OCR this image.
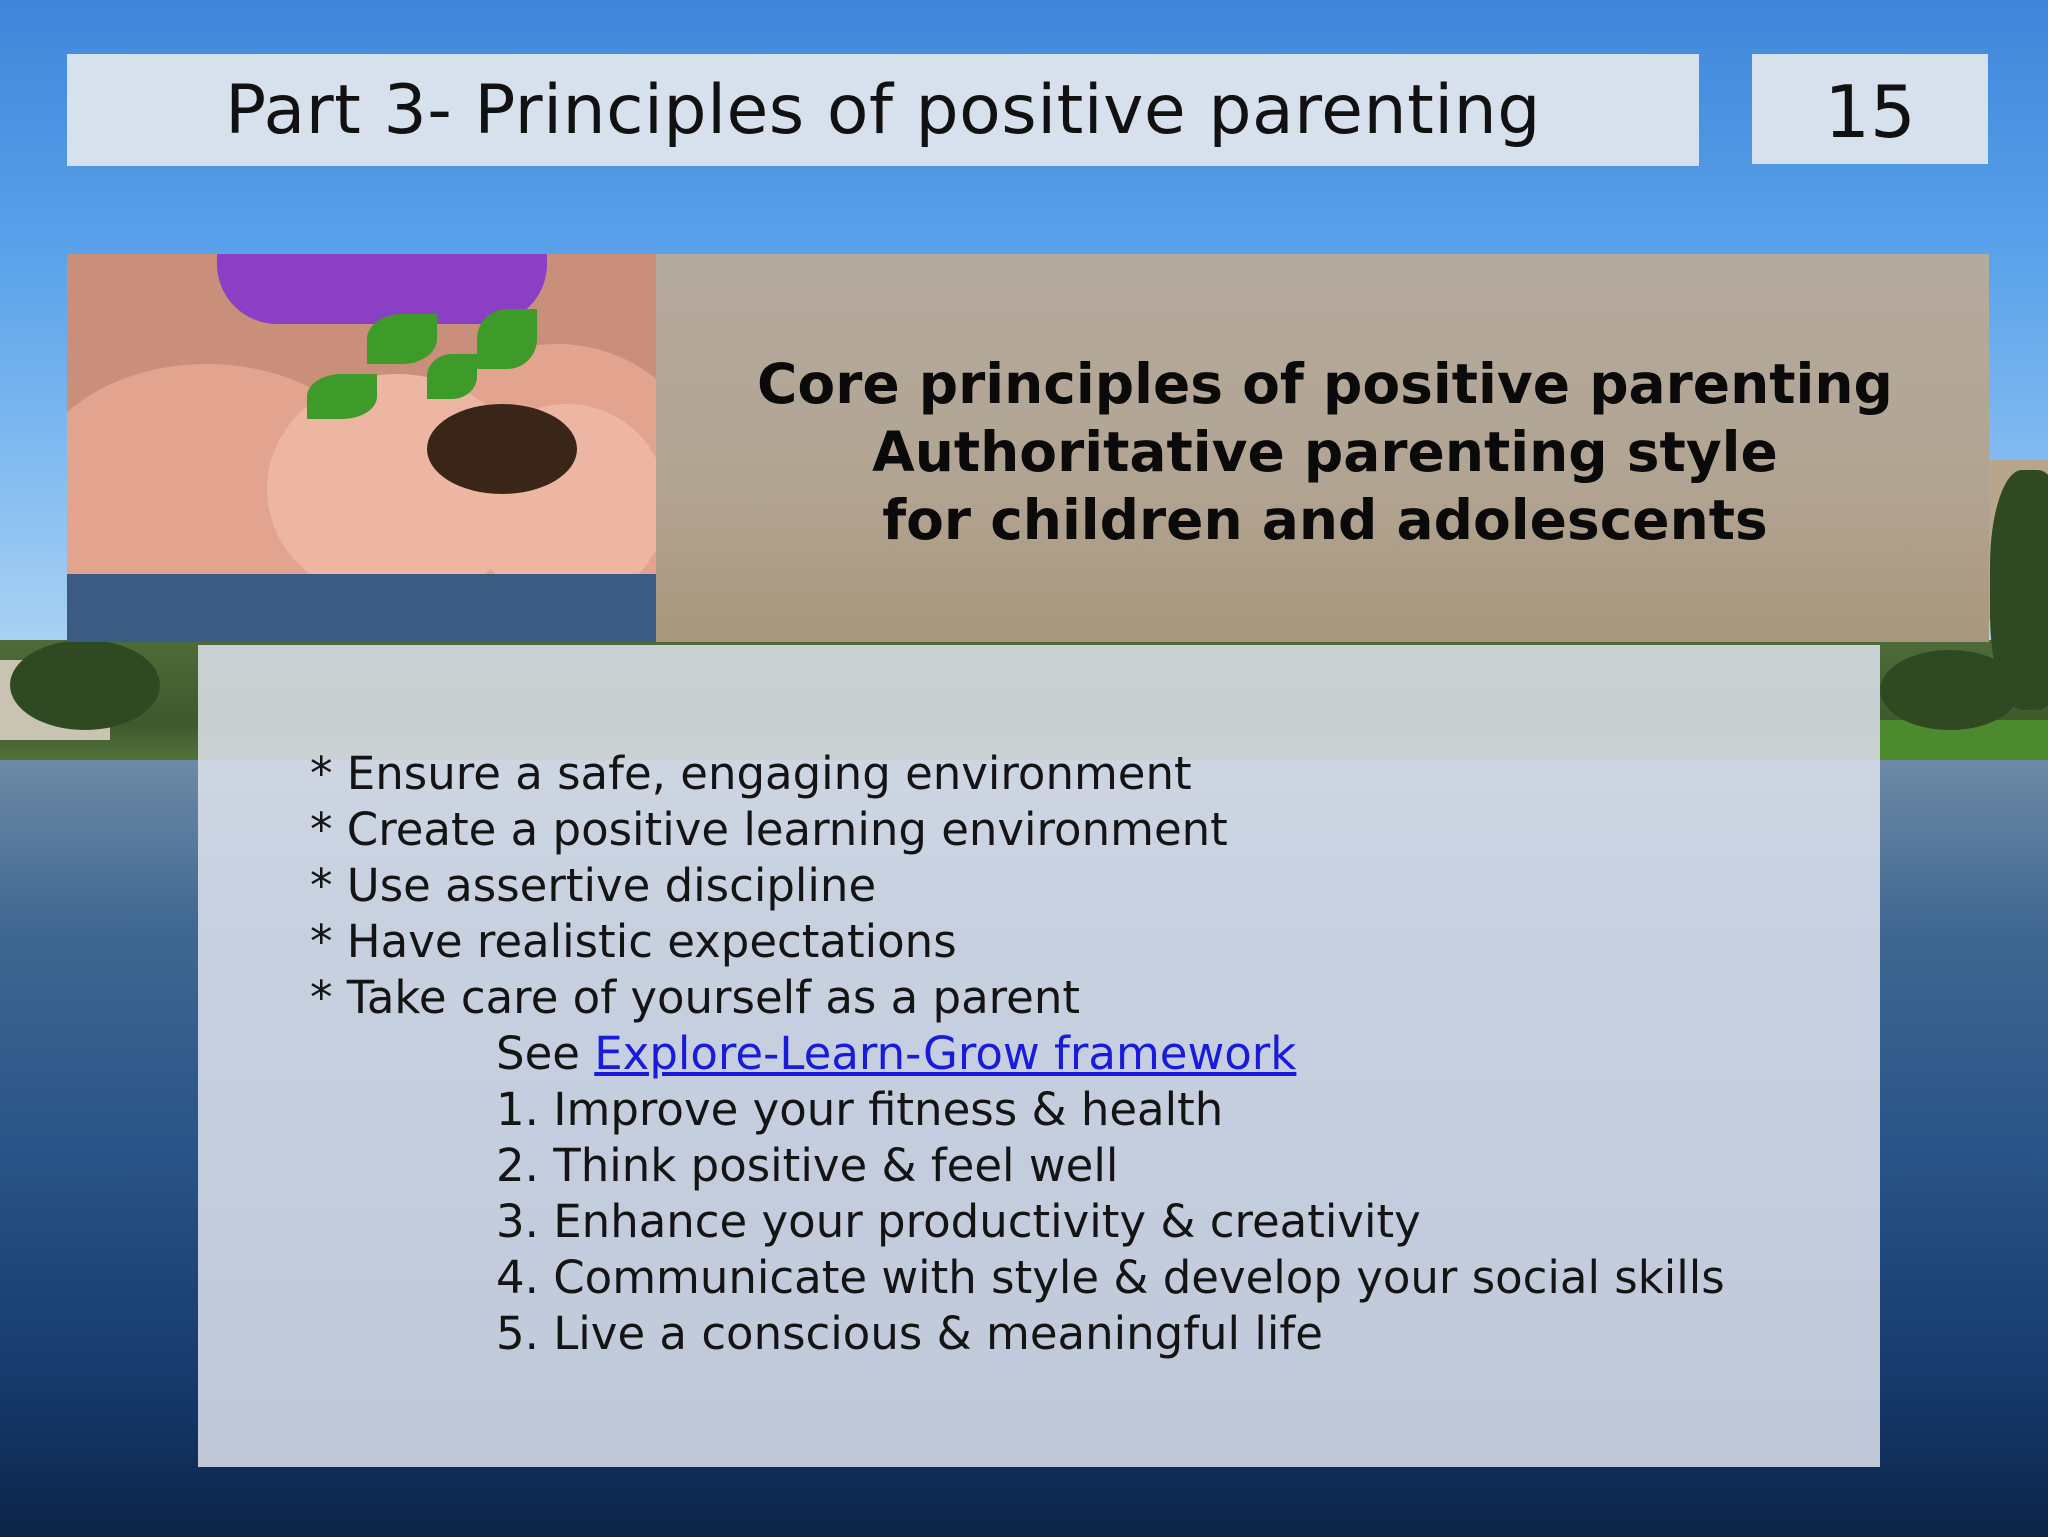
Part 3- Principles of positive parenting	15
Core principles of positive parenting
Authoritative parenting style
for children and adolescents
* Ensure a safe, engaging environment
* Create a positive learning environment
* Use assertive discipline
* Have realistic expectations
* Take care of yourself as a parent
See Explore-Learn-Grow framework
1. Improve your fitness & health
2. Think positive & feel well
3. Enhance your productivity & creativity
4. Communicate with style & develop your social skills
5. Live a conscious & meaningful life
